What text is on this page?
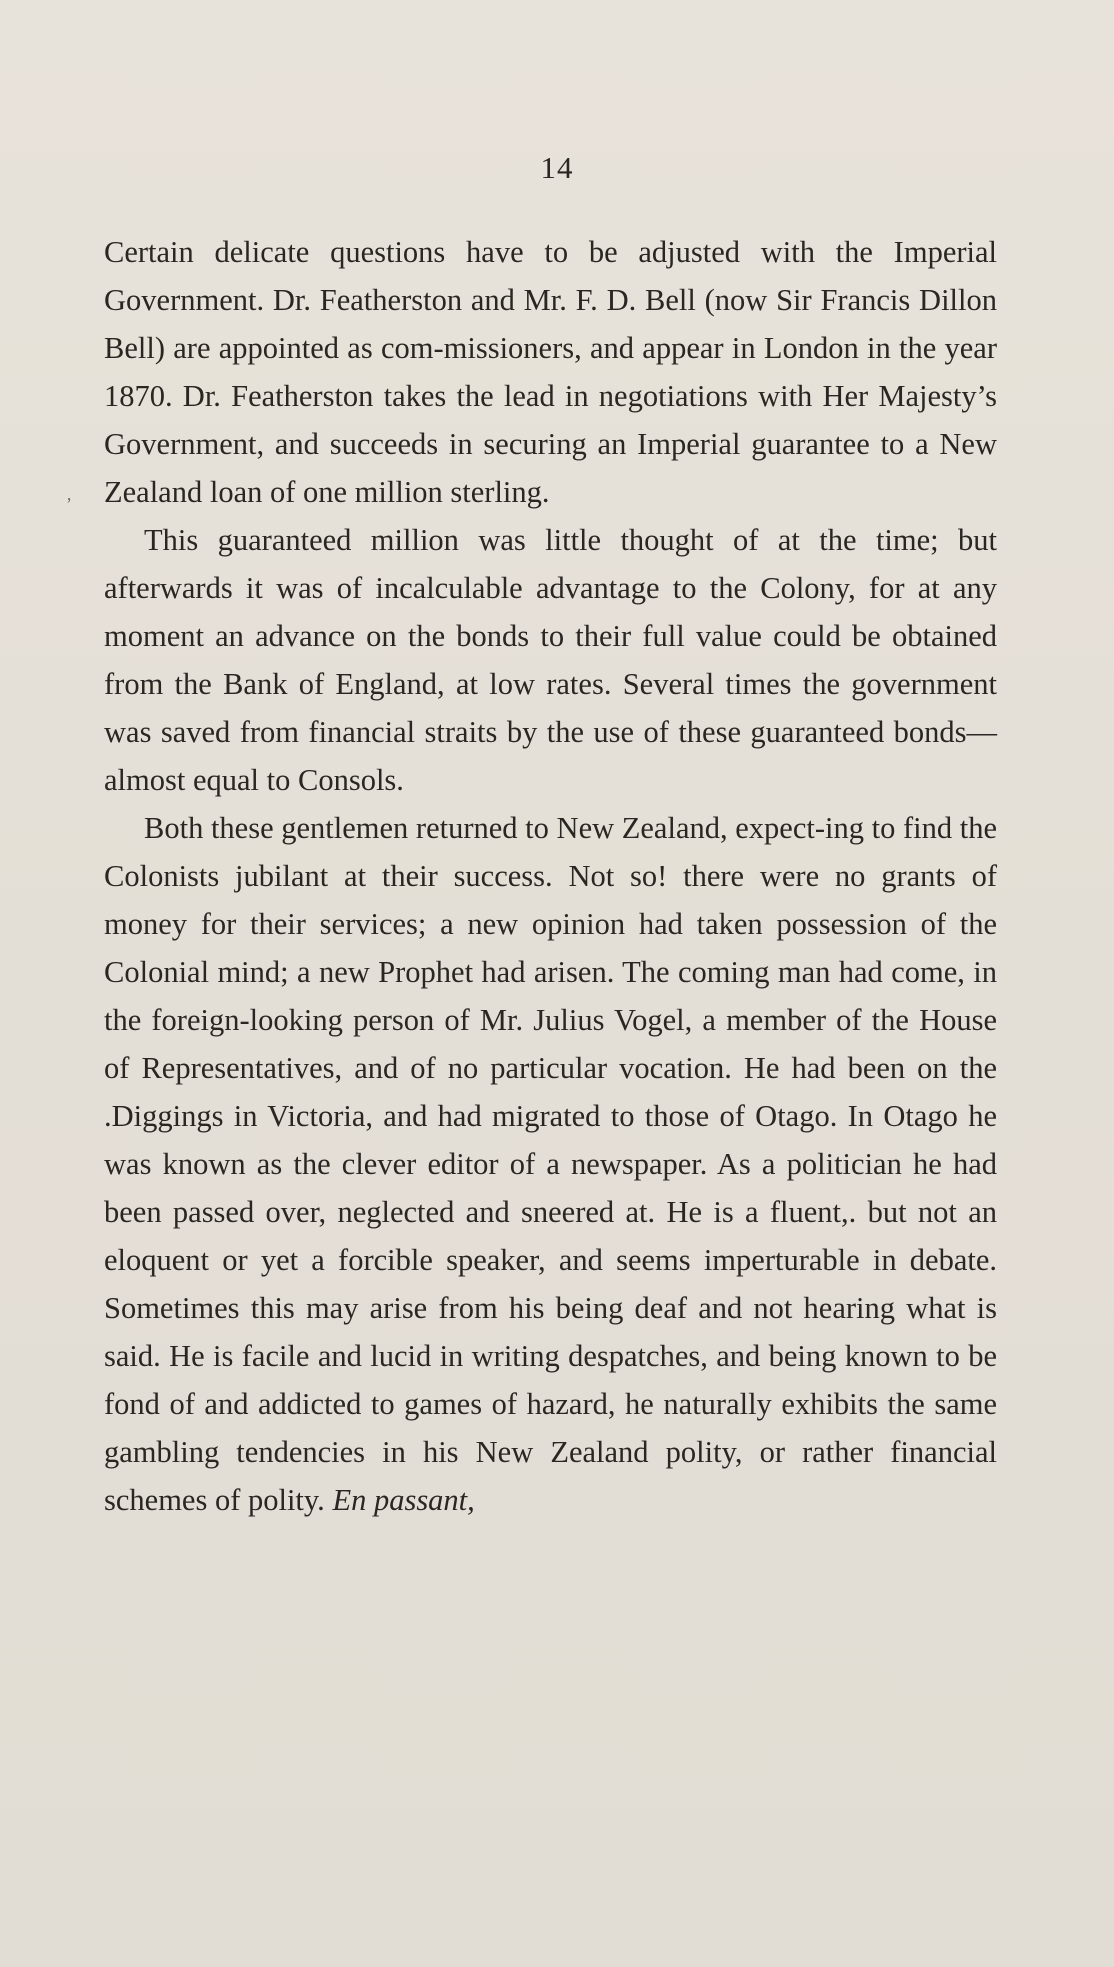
14
‚

Certain delicate questions have to be adjusted with the Imperial Government. Dr. Featherston and Mr. F. D. Bell (now Sir Francis Dillon Bell) are appointed as com-missioners, and appear in London in the year 1870. Dr. Featherston takes the lead in negotiations with Her Majesty’s Government, and succeeds in securing an Imperial guarantee to a New Zealand loan of one million sterling.

This guaranteed million was little thought of at the time; but afterwards it was of incalculable advantage to the Colony, for at any moment an advance on the bonds to their full value could be obtained from the Bank of England, at low rates. Several times the government was saved from financial straits by the use of these guaranteed bonds—almost equal to Consols.

Both these gentlemen returned to New Zealand, expect-ing to find the Colonists jubilant at their success. Not so! there were no grants of money for their services; a new opinion had taken possession of the Colonial mind; a new Prophet had arisen. The coming man had come, in the foreign-looking person of Mr. Julius Vogel, a member of the House of Representatives, and of no particular vocation. He had been on the .Diggings in Victoria, and had migrated to those of Otago. In Otago he was known as the clever editor of a newspaper. As a politician he had been passed over, neglected and sneered at. He is a fluent,. but not an eloquent or yet a forcible speaker, and seems imperturable in debate. Sometimes this may arise from his being deaf and not hearing what is said. He is facile and lucid in writing despatches, and being known to be fond of and addicted to games of hazard, he naturally exhibits the same gambling tendencies in his New Zealand polity, or rather financial schemes of polity. En passant,
